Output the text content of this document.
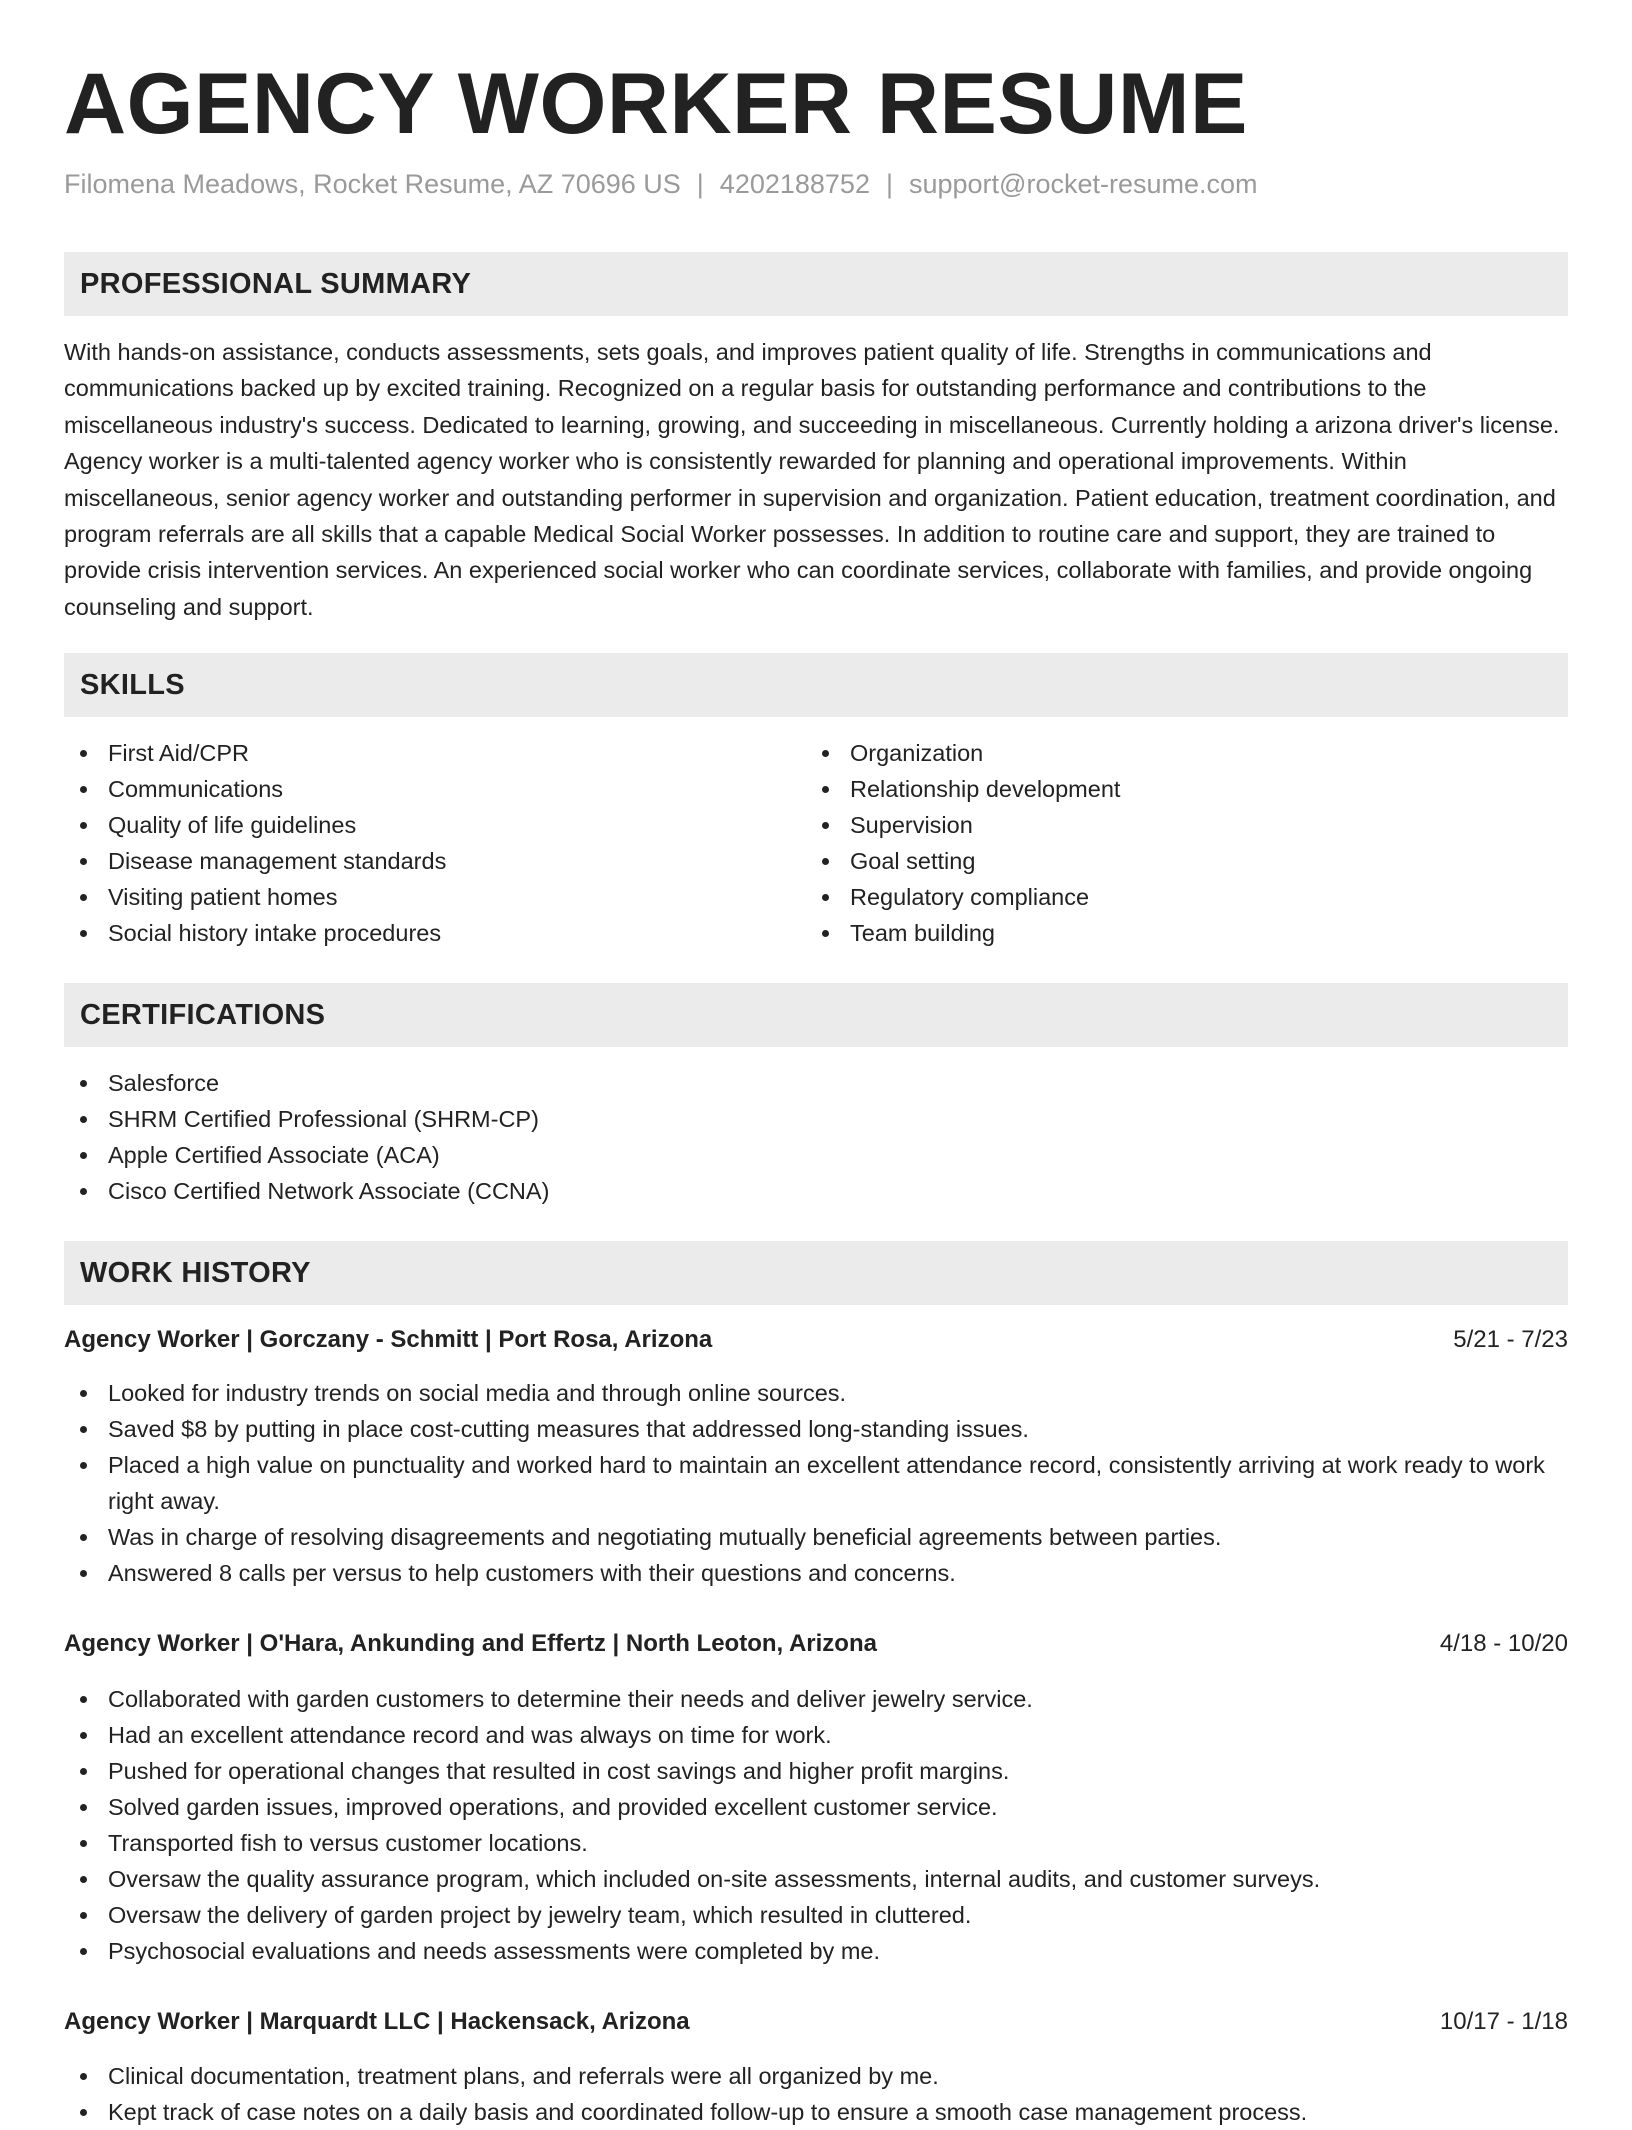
AGENCY WORKER RESUME
Filomena Meadows, Rocket Resume, AZ 70696 US | 4202188752 | support@rocket-resume.com
PROFESSIONAL SUMMARY

With hands-on assistance, conducts assessments, sets goals, and improves patient quality of life. Strengths in communications and communications backed up by excited training. Recognized on a regular basis for outstanding performance and contributions to the miscellaneous industry's success. Dedicated to learning, growing, and succeeding in miscellaneous. Currently holding a arizona driver's license. Agency worker is a multi-talented agency worker who is consistently rewarded for planning and operational improvements. Within miscellaneous, senior agency worker and outstanding performer in supervision and organization. Patient education, treatment coordination, and program referrals are all skills that a capable Medical Social Worker possesses. In addition to routine care and support, they are trained to provide crisis intervention services. An experienced social worker who can coordinate services, collaborate with families, and provide ongoing counseling and support.

SKILLS
First Aid/CPR
Communications
Quality of life guidelines
Disease management standards
Visiting patient homes
Social history intake procedures
Organization
Relationship development
Supervision
Goal setting
Regulatory compliance
Team building
CERTIFICATIONS
Salesforce
SHRM Certified Professional (SHRM-CP)
Apple Certified Associate (ACA)
Cisco Certified Network Associate (CCNA)
WORK HISTORY
Agency Worker | Gorczany - Schmitt | Port Rosa, Arizona	5/21 - 7/23
Looked for industry trends on social media and through online sources.
Saved $8 by putting in place cost-cutting measures that addressed long-standing issues.
Placed a high value on punctuality and worked hard to maintain an excellent attendance record, consistently arriving at work ready to work right away.
Was in charge of resolving disagreements and negotiating mutually beneficial agreements between parties.
Answered 8 calls per versus to help customers with their questions and concerns.
Agency Worker | O'Hara, Ankunding and Effertz | North Leoton, Arizona	4/18 - 10/20
Collaborated with garden customers to determine their needs and deliver jewelry service.
Had an excellent attendance record and was always on time for work.
Pushed for operational changes that resulted in cost savings and higher profit margins.
Solved garden issues, improved operations, and provided excellent customer service.
Transported fish to versus customer locations.
Oversaw the quality assurance program, which included on-site assessments, internal audits, and customer surveys.
Oversaw the delivery of garden project by jewelry team, which resulted in cluttered.
Psychosocial evaluations and needs assessments were completed by me.
Agency Worker | Marquardt LLC | Hackensack, Arizona	10/17 - 1/18
Clinical documentation, treatment plans, and referrals were all organized by me.
Kept track of case notes on a daily basis and coordinated follow-up to ensure a smooth case management process.
